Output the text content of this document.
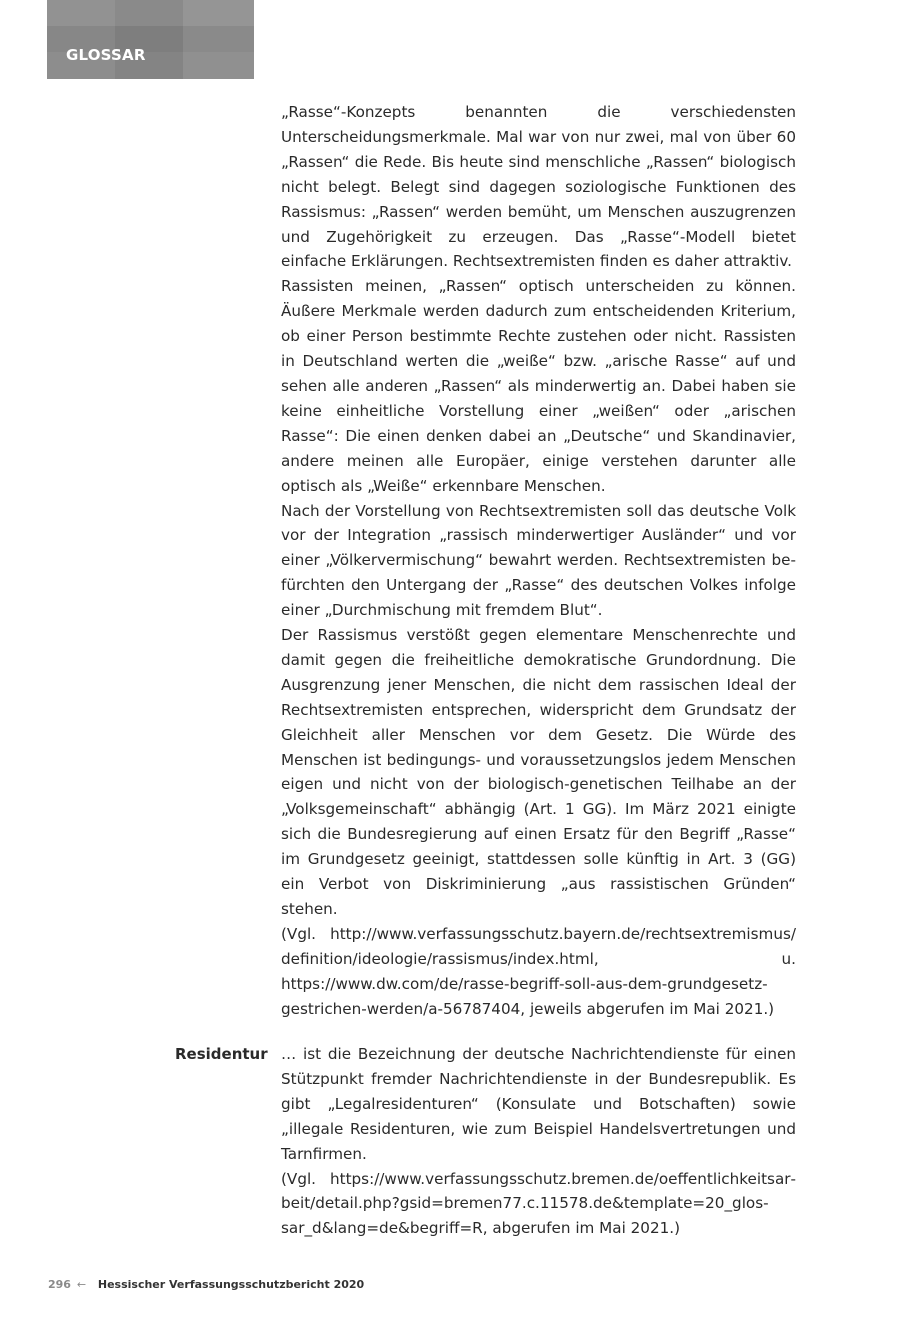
GLOSSAR

„Rasse“-Konzepts benannten die verschiedensten Unterscheidungsmerkmale. Mal war von nur zwei, mal von über 60 „Rassen“ die Rede. Bis heute sind menschliche „Rassen“ biologisch nicht belegt. Belegt sind dagegen soziologische Funktionen des Rassismus: „Rassen“ werden bemüht, um Menschen auszugrenzen und Zugehörigkeit zu erzeugen. Das „Rasse“-Modell bietet einfache Erklärungen. Rechtsextremisten finden es daher attraktiv.

Rassisten meinen, „Rassen“ optisch unterscheiden zu können. Äußere Merkmale werden dadurch zum entscheidenden Kriterium, ob einer Person bestimmte Rechte zustehen oder nicht. Rassisten in Deutschland werten die „weiße“ bzw. „arische Rasse“ auf und sehen alle anderen „Rassen“ als minderwertig an. Dabei haben sie keine einheitliche Vorstellung einer „weißen“ oder „arischen Rasse“: Die einen denken dabei an „Deutsche“ und Skandinavier, andere meinen alle Europäer, einige verstehen darunter alle optisch als „Weiße“ erkennbare Menschen.

Nach der Vorstellung von Rechtsextremisten soll das deutsche Volk vor der Integration „rassisch minderwertiger Ausländer“ und vor einer „Völkervermischung“ bewahrt werden. Rechtsextremisten befürchten den Untergang der „Rasse“ des deutschen Volkes infolge einer „Durchmischung mit fremdem Blut“.

Der Rassismus verstößt gegen elementare Menschenrechte und damit gegen die freiheitliche demokratische Grundordnung. Die Ausgrenzung jener Menschen, die nicht dem rassischen Ideal der Rechtsextremisten entsprechen, widerspricht dem Grundsatz der Gleichheit aller Menschen vor dem Gesetz. Die Würde des Menschen ist bedingungs- und voraussetzungslos jedem Menschen eigen und nicht von der biologisch-genetischen Teilhabe an der „Volksgemeinschaft“ abhängig (Art. 1 GG). Im März 2021 einigte sich die Bundesregierung auf einen Ersatz für den Begriff „Rasse“ im Grundgesetz geeinigt, stattdessen solle künftig in Art. 3 (GG) ein Verbot von Diskriminierung „aus rassistischen Gründen“ stehen.

(Vgl. http://www.verfassungsschutz.bayern.de/rechtsextremismus/ definition/ideologie/rassismus/index.html, u. https://www.dw.com/de/rasse-begriff-soll-aus-dem-grundgesetz-gestrichen-werden/a-56787404, jeweils abgerufen im Mai 2021.)

Residentur … ist die Bezeichnung der deutsche Nachrichtendienste für einen Stützpunkt fremder Nachrichtendienste in der Bundesrepublik. Es gibt „Legalresidenturen“ (Konsulate und Botschaften) sowie „illegale Residenturen, wie zum Beispiel Handelsvertretungen und Tarnfirmen.

(Vgl. https://www.verfassungsschutz.bremen.de/oeffentlichkeitsarbeit/detail.php?gsid=bremen77.c.11578.de&template=20_glossar_d&lang=de&begriff=R, abgerufen im Mai 2021.)

296 ← Hessischer Verfassungsschutzbericht 2020
